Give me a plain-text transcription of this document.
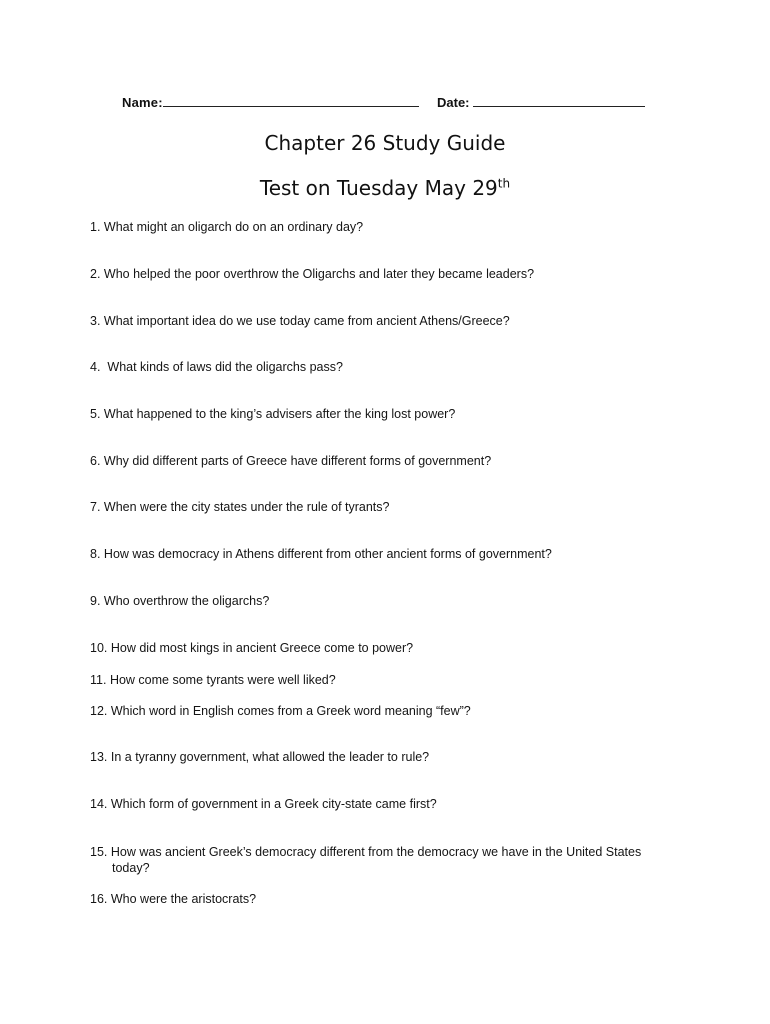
Name:	Date:
Chapter 26 Study Guide
Test on Tuesday May 29th
1. What might an oligarch do on an ordinary day?
2. Who helped the poor overthrow the Oligarchs and later they became leaders?
3. What important idea do we use today came from ancient Athens/Greece?
4. What kinds of laws did the oligarchs pass?
5. What happened to the king’s advisers after the king lost power?
6. Why did different parts of Greece have different forms of government?
7. When were the city states under the rule of tyrants?
8. How was democracy in Athens different from other ancient forms of government?
9. Who overthrow the oligarchs?
10. How did most kings in ancient Greece come to power?
11. How come some tyrants were well liked?
12. Which word in English comes from a Greek word meaning “few”?
13. In a tyranny government, what allowed the leader to rule?
14. Which form of government in a Greek city-state came first?
15. How was ancient Greek’s democracy different from the democracy we have in the United States
today?
16. Who were the aristocrats?
